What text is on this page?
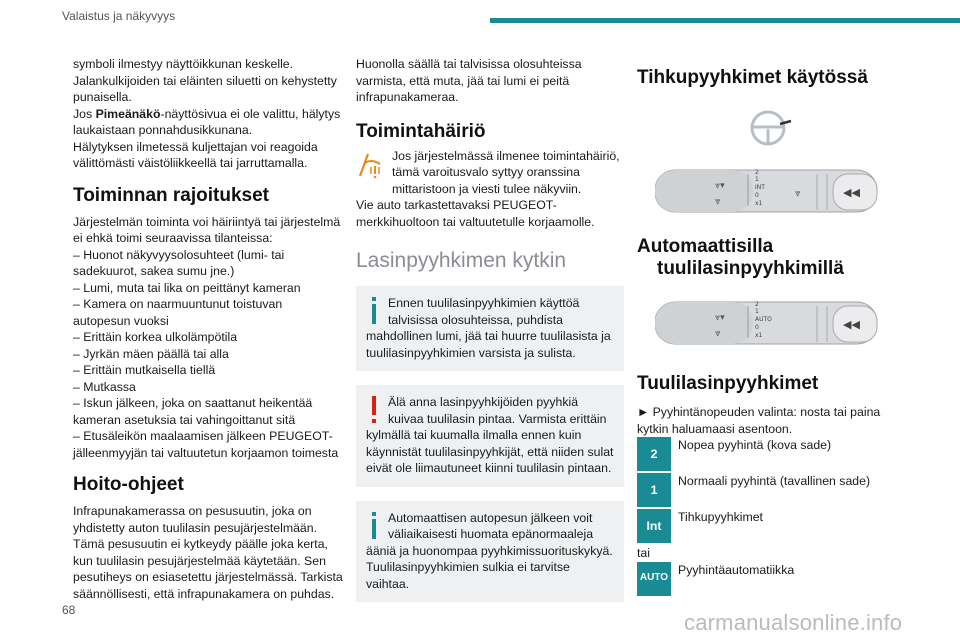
Valaistus ja näkyvyys

symboli ilmestyy näyttöikkunan keskelle.

Jalankulkijoiden tai eläinten siluetti on kehystetty punaisella.

Jos Pimeänäkö-näyttösivua ei ole valittu, hälytys laukaistaan ponnahdusikkunana.

Hälytyksen ilmetessä kuljettajan voi reagoida välittömästi väistöliikkeellä tai jarruttamalla.

Toiminnan rajoitukset

Järjestelmän toiminta voi häiriintyä tai järjestelmä ei ehkä toimi seuraavissa tilanteissa:

– Huonot näkyvyysolosuhteet (lumi- tai sadekuurot, sakea sumu jne.)

– Lumi, muta tai lika on peittänyt kameran

– Kamera on naarmuuntunut toistuvan autopesun vuoksi

– Erittäin korkea ulkolämpötila

– Jyrkän mäen päällä tai alla

– Erittäin mutkaisella tiellä

– Mutkassa

– Iskun jälkeen, joka on saattanut heikentää kameran asetuksia tai vahingoittanut sitä

– Etusäleikön maalaamisen jälkeen PEUGEOT-jälleenmyyjän tai valtuutetun korjaamon toimesta

Hoito-ohjeet

Infrapunakamerassa on pesusuutin, joka on yhdistetty auton tuulilasin pesujärjestelmään. Tämä pesusuutin ei kytkeydy päälle joka kerta, kun tuulilasin pesujärjestelmää käytetään. Sen pesutiheys on esiasetettu järjestelmässä. Tarkista säännöllisesti, että infrapunakamera on puhdas.

Huonolla säällä tai talvisissa olosuhteissa varmista, että muta, jää tai lumi ei peitä infrapunakameraa.

Toimintahäiriö

Jos järjestelmässä ilmenee toimintahäiriö, tämä varoitusvalo syttyy oranssina mittaristoon ja viesti tulee näkyviin.

Vie auto tarkastettavaksi PEUGEOT-merkkihuoltoon tai valtuutetulle korjaamolle.

Lasinpyyhkimen kytkin
Ennen tuulilasinpyyhkimien käyttöä talvisissa olosuhteissa, puhdista mahdollinen lumi, jää tai huurre tuulilasista ja tuulilasinpyyhkimien varsista ja sulista.
Älä anna lasinpyyhkijöiden pyyhkiä kuivaa tuulilasin pintaa. Varmista erittäin kylmällä tai kuumalla ilmalla ennen kuin käynnistät tuulilasinpyyhkijät, että niiden sulat eivät ole liimautuneet kiinni tuulilasin pintaan.
Automaattisen autopesun jälkeen voit väliaikaisesti huomata epänormaaleja ääniä ja huonompaa pyyhkimissuorituskykyä. Tuulilasinpyyhkimien sulkia ei tarvitse vaihtaa.
Tihkupyyhkimet käytössä
⩔▾
⩔
2
1
INT
0
x1
⩔	◀◀
Automaattisilla
tuulilasinpyyhkimillä
⩔▾
⩔
2
1
AUTO
0
x1
◀◀
Tuulilasinpyyhkimet

► Pyyhintänopeuden valinta: nosta tai paina kytkin haluamaasi asentoon.

2
Nopea pyyhintä (kova sade)
1
Normaali pyyhintä (tavallinen sade)
Int
Tihkupyyhkimet

tai

AUTO
Pyyhintäautomatiikka
68	carmanualsonline.info
